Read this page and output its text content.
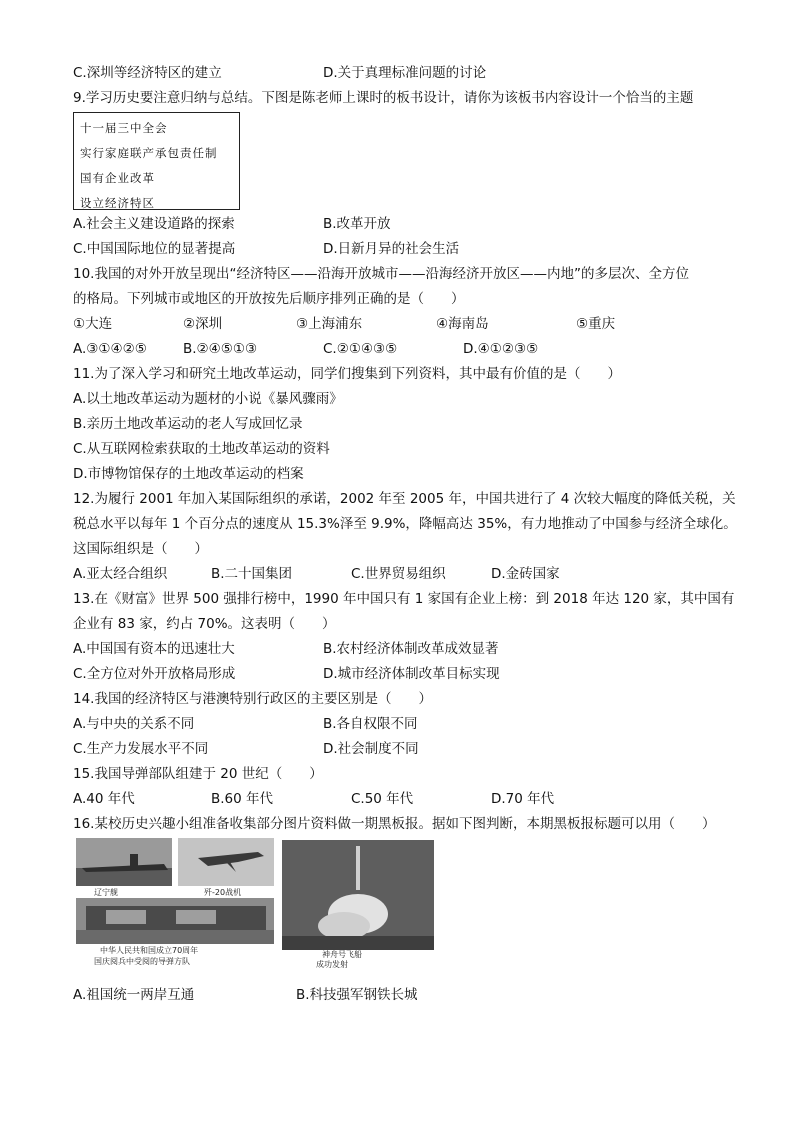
C.深圳等经济特区的建立	D.关于真理标准问题的讨论
9.学习历史要注意归纳与总结。下图是陈老师上课时的板书设计，请你为该板书内容设计一个恰当的主题
十一届三中全会
实行家庭联产承包责任制
国有企业改革
设立经济特区
A.社会主义建设道路的探索	B.改革开放
C.中国国际地位的显著提高	D.日新月异的社会生活
10.我国的对外开放呈现出“经济特区——沿海开放城市——沿海经济开放区——内地”的多层次、全方位
的格局。下列城市或地区的开放按先后顺序排列正确的是（　　）
①大连	②深圳	③上海浦东	④海南岛	⑤重庆
A.③①④②⑤	B.②④⑤①③	C.②①④③⑤	D.④①②③⑤
11.为了深入学习和研究土地改革运动，同学们搜集到下列资料，其中最有价值的是（　　）
A.以土地改革运动为题材的小说《暴风骤雨》
B.亲历土地改革运动的老人写成回忆录
C.从互联网检索获取的土地改革运动的资料
D.市博物馆保存的土地改革运动的档案
12.为履行 2001 年加入某国际组织的承诺，2002 年至 2005 年，中国共进行了 4 次较大幅度的降低关税，关
税总水平以每年 1 个百分点的速度从 15.3%泽至 9.9%，降幅高达 35%，有力地推动了中国参与经济全球化。
这国际组织是（　　）
A.亚太经合组织	B.二十国集团	C.世界贸易组织	D.金砖国家
13.在《财富》世界 500 强排行榜中，1990 年中国只有 1 家国有企业上榜：到 2018 年达 120 家，其中国有
企业有 83 家，约占 70%。这表明（　　）
A.中国国有资本的迅速壮大	B.农村经济体制改革成效显著
C.全方位对外开放格局形成	D.城市经济体制改革目标实现
14.我国的经济特区与港澳特别行政区的主要区别是（　　）
A.与中央的关系不同	B.各自权限不同
C.生产力发展水平不同	D.社会制度不同
15.我国导弹部队组建于 20 世纪（　　）
A.40 年代	B.60 年代	C.50 年代	D.70 年代
16.某校历史兴趣小组准备收集部分图片资料做一期黑板报。据如下图判断，本期黑板报标题可以用（　　）
辽宁舰	歼-20战机
中华人民共和国成立70周年
国庆阅兵中受阅的导弹方队
神舟号飞船
成功发射
A.祖国统一两岸互通	B.科技强军钢铁长城
